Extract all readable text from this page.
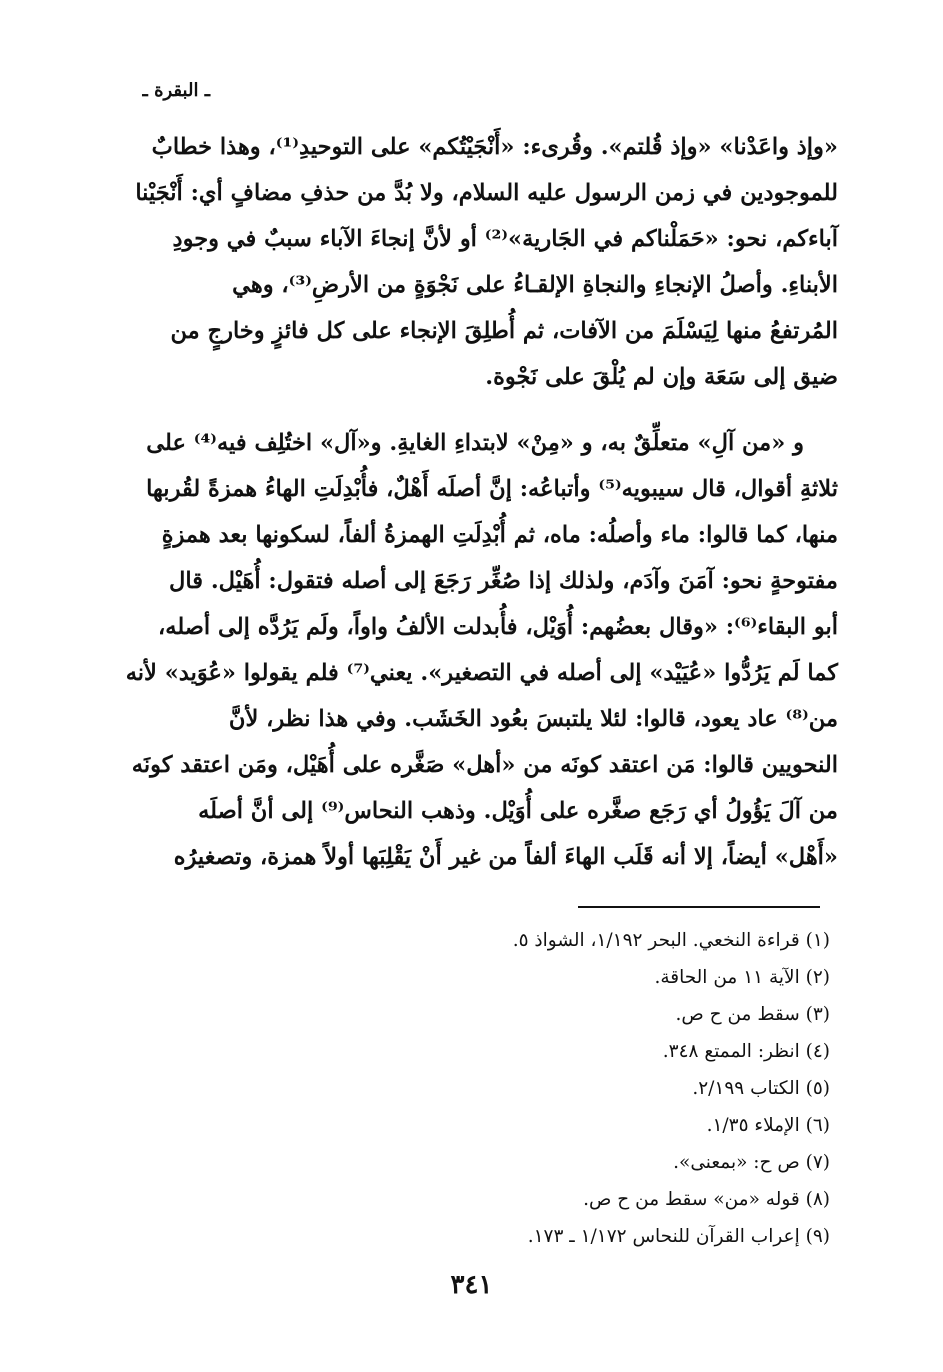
ـ البقرة ـ
«وإذ واعَدْنا» «وإذ قُلتم». وقُرىء: «أَنْجَيْتُكم» على التوحيدِ⁽¹⁾، وهذا خطابٌ
للموجودين في زمن الرسول عليه السلام، ولا بُدَّ من حذفِ مضافٍ أي: أَنْجَيْنا
آباءكم، نحو: «حَمَلْناكم في الجَارية»⁽²⁾ أو لأنَّ إنجاءَ الآباء سببٌ في وجودِ
الأبناءِ. وأصلُ الإنجاءِ والنجاةِ الإلقـاءُ على نَجْوَةٍ من الأرضِ⁽³⁾، وهي
المُرتفعُ منها لِيَسْلَمَ من الآفات، ثم أُطلِقَ الإنجاء على كل فائزٍ وخارجٍ من
ضيق إلى سَعَة وإن لم يُلْقَ على نَجْوة.
و «من آلِ» متعلِّقٌ به، و «مِنْ» لابتداءِ الغايةِ. و«آل» اختُلِف فيه⁽⁴⁾ على
ثلاثةِ أقوال، قال سيبويه⁽⁵⁾ وأتباعُه: إنَّ أصلَه أَهْلٌ، فأُبْدِلَتِ الهاءُ همزةً لقُربها
منها، كما قالوا: ماء وأصلُه: ماه، ثم أُبْدِلَتِ الهمزةُ ألفاً، لسكونها بعد همزةٍ
مفتوحةٍ نحو: آمَنَ وآدَم، ولذلك إذا صُغِّر رَجَعَ إلى أصله فتقول: أُهَيْل. قال
أبو البقاء⁽⁶⁾: «وقال بعضُهم: أُوَيْل، فأُبدلت الألفُ واواً، ولَم يَرُدَّه إلى أصله،
كما لَم يَرُدُّوا «عُيَيْد» إلى أصله في التصغير». يعني⁽⁷⁾ فلم يقولوا «عُوَيد» لأنه
من⁽⁸⁾ عاد يعود، قالوا: لئلا يلتبسَ بعُود الخَشَب. وفي هذا نظر، لأنَّ
النحويين قالوا: مَن اعتقد كونَه من «أهل» صَغَّره على أُهَيْل، ومَن اعتقد كونَه
من آلَ يَؤُولُ أي رَجَع صغَّره على أُوَيْل. وذهب النحاس⁽⁹⁾ إلى أنَّ أصلَه
«أَهْل» أيضاً، إلا أنه قَلَب الهاءَ ألفاً من غير أَنْ يَقْلِبَها أولاً همزة، وتصغيرُه
(١) قراءة النخعي. البحر ١/١٩٢، الشواذ ٥.
(٢) الآية ١١ من الحاقة.
(٣) سقط من ح ص.
(٤) انظر: الممتع ٣٤٨.
(٥) الكتاب ٢/١٩٩.
(٦) الإملاء ١/٣٥.
(٧) ص ح: «بمعنى».
(٨) قوله «من» سقط من ح ص.
(٩) إعراب القرآن للنحاس ١/١٧٢ ـ ١٧٣.
٣٤١
